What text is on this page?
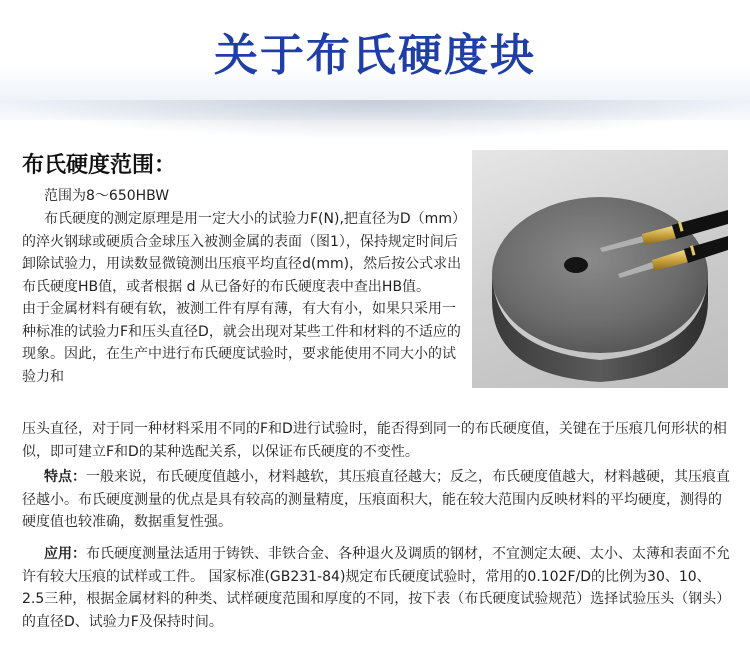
关于布氏硬度块
布氏硬度范围：
范围为8～650HBW
布氏硬度的测定原理是用一定大小的试验力F(N),把直径为D（mm）的淬火钢球或硬质合金球压入被测金属的表面（图1），保持规定时间后卸除试验力，用读数显微镜测出压痕平均直径d(mm)，然后按公式求出布氏硬度HB值，或者根据 d 从已备好的布氏硬度表中查出HB值。由于金属材料有硬有软，被测工件有厚有薄，有大有小，如果只采用一种标准的试验力F和压头直径D，就会出现对某些工件和材料的不适应的现象。因此，在生产中进行布氏硬度试验时，要求能使用不同大小的试验力和
压头直径，对于同一种材料采用不同的F和D进行试验时，能否得到同一的布氏硬度值，关键在于压痕几何形状的相似，即可建立F和D的某种选配关系，以保证布氏硬度的不变性。
特点：一般来说，布氏硬度值越小，材料越软，其压痕直径越大；反之，布氏硬度值越大，材料越硬，其压痕直径越小。布氏硬度测量的优点是具有较高的测量精度，压痕面积大，能在较大范围内反映材料的平均硬度，测得的硬度值也较准确，数据重复性强。
应用：布氏硬度测量法适用于铸铁、非铁合金、各种退火及调质的钢材，不宜测定太硬、太小、太薄和表面不允许有较大压痕的试样或工件。 国家标准(GB231-84)规定布氏硬度试验时，常用的0.102F/D的比例为30、10、2.5三种，根据金属材料的种类、试样硬度范围和厚度的不同，按下表（布氏硬度试验规范）选择试验压头（钢头）的直径D、试验力F及保持时间。
